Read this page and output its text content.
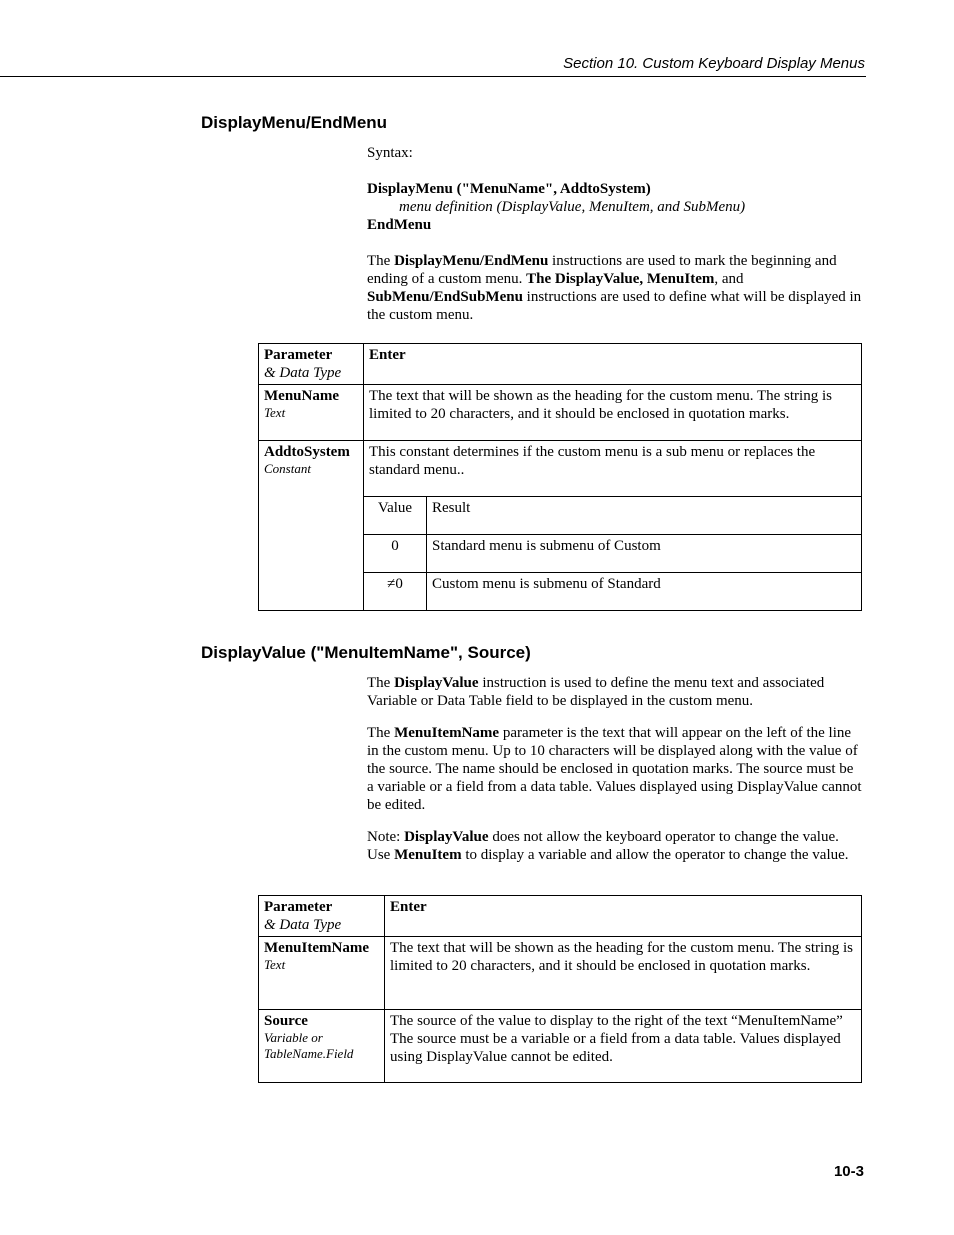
Section 10. Custom Keyboard Display Menus
DisplayMenu/EndMenu

Syntax:

DisplayMenu ("MenuName", AddtoSystem)
menu definition (DisplayValue, MenuItem, and SubMenu)
EndMenu

The DisplayMenu/EndMenu instructions are used to mark the beginning and ending of a custom menu. The DisplayValue, MenuItem, and SubMenu/EndSubMenu instructions are used to define what will be displayed in the custom menu.

Parameter
& Data Type
	Enter

MenuName
Text
	The text that will be shown as the heading for the custom menu. The string is limited to 20 characters, and it should be enclosed in quotation marks.

AddtoSystem
Constant

This constant determines if the custom menu is a sub menu or replaces the standard menu..
Value	Result
0	Standard menu is submenu of Custom
≠0	Custom menu is submenu of Standard
DisplayValue ("MenuItemName", Source)

The DisplayValue instruction is used to define the menu text and associated Variable or Data Table field to be displayed in the custom menu.

The MenuItemName parameter is the text that will appear on the left of the line in the custom menu. Up to 10 characters will be displayed along with the value of the source. The name should be enclosed in quotation marks. The source must be a variable or a field from a data table. Values displayed using DisplayValue cannot be edited.

Note: DisplayValue does not allow the keyboard operator to change the value. Use MenuItem to display a variable and allow the operator to change the value.

Parameter
& Data Type	Enter

MenuItemName
Text	The text that will be shown as the heading for the custom menu. The string is limited to 20 characters, and it should be enclosed in quotation marks.

Source
Variable or
TableName.Field	The source of the value to display to the right of the text “MenuItemName” The source must be a variable or a field from a data table. Values displayed using DisplayValue cannot be edited.
10-3
